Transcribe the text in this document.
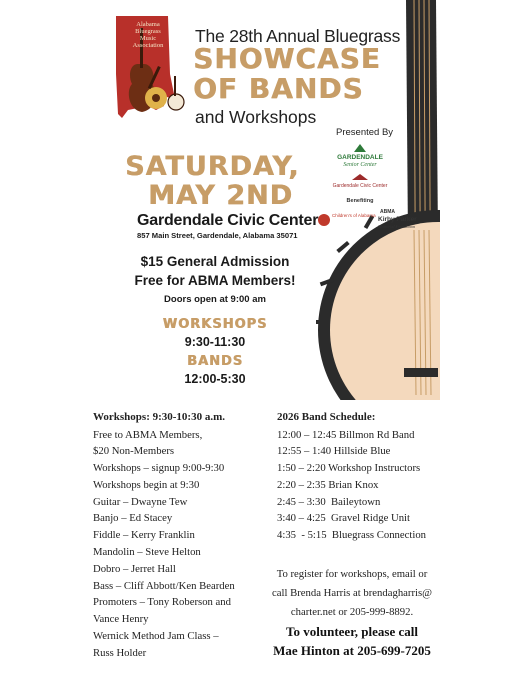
Alabama
Bluegrass
Music
Association	The 28th Annual Bluegrass
SHOWCASE
OF BANDS
and Workshops
Presented By
GARDENDALE
Senior Center
Gardendale Civic Center
Benefiting
Children's of Alabama
ABMA
Kirby Parker
Memorial Foundation
SATURDAY,
MAY 2ND
Gardendale Civic Center
857 Main Street, Gardendale, Alabama 35071
$15 General Admission
Free for ABMA Members!
Doors open at 9:00 am
WORKSHOPS
9:30-11:30
BANDS
12:00-5:30
Workshops: 9:30-10:30 a.m.
Free to ABMA Members,
$20 Non-Members
Workshops – signup 9:00-9:30
Workshops begin at 9:30
Guitar – Dwayne Tew
Banjo – Ed Stacey
Fiddle – Kerry Franklin
Mandolin – Steve Helton
Dobro – Jerret Hall
Bass – Cliff Abbott/Ken Bearden
Promoters – Tony Roberson and
Vance Henry
Wernick Method Jam Class –
Russ Holder
2026 Band Schedule:
12:00 – 12:45 Billmon Rd Band
12:55 – 1:40 Hillside Blue
1:50 – 2:20 Workshop Instructors
2:20 – 2:35 Brian Knox
2:45 – 3:30  Baileytown
3:40 – 4:25  Gravel Ridge Unit
4:35  - 5:15  Bluegrass Connection
To register for workshops, email or
call Brenda Harris at brendagharris@
charter.net or 205-999-8892.
To volunteer, please call
Mae Hinton at 205-699-7205
